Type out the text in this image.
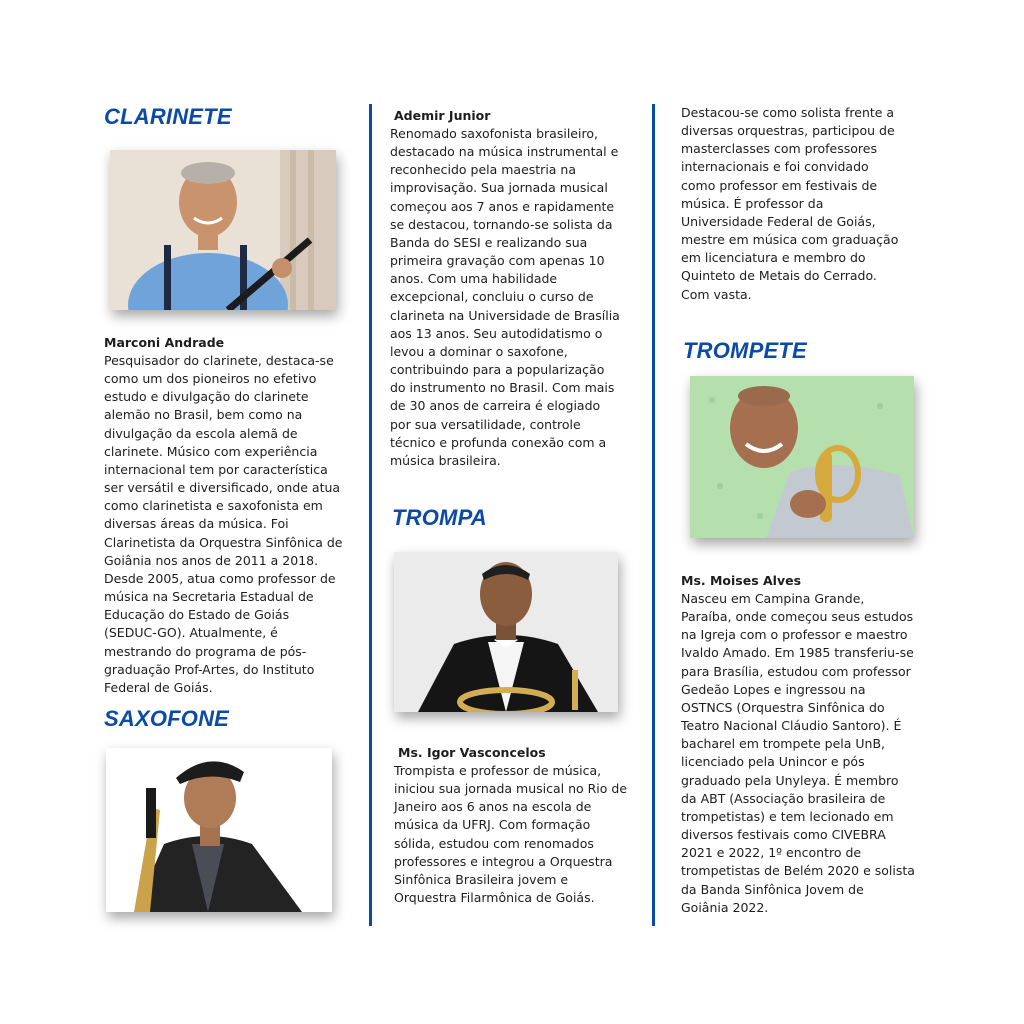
CLARINETE
Marconi Andrade
Pesquisador do clarinete, destaca-se
como um dos pioneiros no efetivo
estudo e divulgação do clarinete
alemão no Brasil, bem como na
divulgação da escola alemã de
clarinete. Músico com experiência
internacional tem por característica
ser versátil e diversificado, onde atua
como clarinetista e saxofonista em
diversas áreas da música. Foi
Clarinetista da Orquestra Sinfônica de
Goiânia nos anos de 2011 a 2018.
Desde 2005, atua como professor de
música na Secretaria Estadual de
Educação do Estado de Goiás
(SEDUC-GO). Atualmente, é
mestrando do programa de pós-
graduação Prof-Artes, do Instituto
Federal de Goiás.
SAXOFONE
Ademir Junior
Renomado saxofonista brasileiro,
destacado na música instrumental e
reconhecido pela maestria na
improvisação. Sua jornada musical
começou aos 7 anos e rapidamente
se destacou, tornando-se solista da
Banda do SESI e realizando sua
primeira gravação com apenas 10
anos. Com uma habilidade
excepcional, concluiu o curso de
clarineta na Universidade de Brasília
aos 13 anos. Seu autodidatismo o
levou a dominar o saxofone,
contribuindo para a popularização
do instrumento no Brasil. Com mais
de 30 anos de carreira é elogiado
por sua versatilidade, controle
técnico e profunda conexão com a
música brasileira.
TROMPA
Ms. Igor Vasconcelos
Trompista e professor de música,
iniciou sua jornada musical no Rio de
Janeiro aos 6 anos na escola de
música da UFRJ. Com formação
sólida, estudou com renomados
professores e integrou a Orquestra
Sinfônica Brasileira jovem e
Orquestra Filarmônica de Goiás.
Destacou-se como solista frente a
diversas orquestras, participou de
masterclasses com professores
internacionais e foi convidado
como professor em festivais de
música. É professor da
Universidade Federal de Goiás,
mestre em música com graduação
em licenciatura e membro do
Quinteto de Metais do Cerrado.
Com vasta.
TROMPETE
Ms. Moises Alves
Nasceu em Campina Grande,
Paraíba, onde começou seus estudos
na Igreja com o professor e maestro
Ivaldo Amado. Em 1985 transferiu-se
para Brasília, estudou com professor
Gedeão Lopes e ingressou na
OSTNCS (Orquestra Sinfônica do
Teatro Nacional Cláudio Santoro). É
bacharel em trompete pela UnB,
licenciado pela Unincor e pós
graduado pela Unyleya. É membro
da ABT (Associação brasileira de
trompetistas) e tem lecionado em
diversos festivais como CIVEBRA
2021 e 2022, 1º encontro de
trompetistas de Belém 2020 e solista
da Banda Sinfônica Jovem de
Goiânia 2022.
